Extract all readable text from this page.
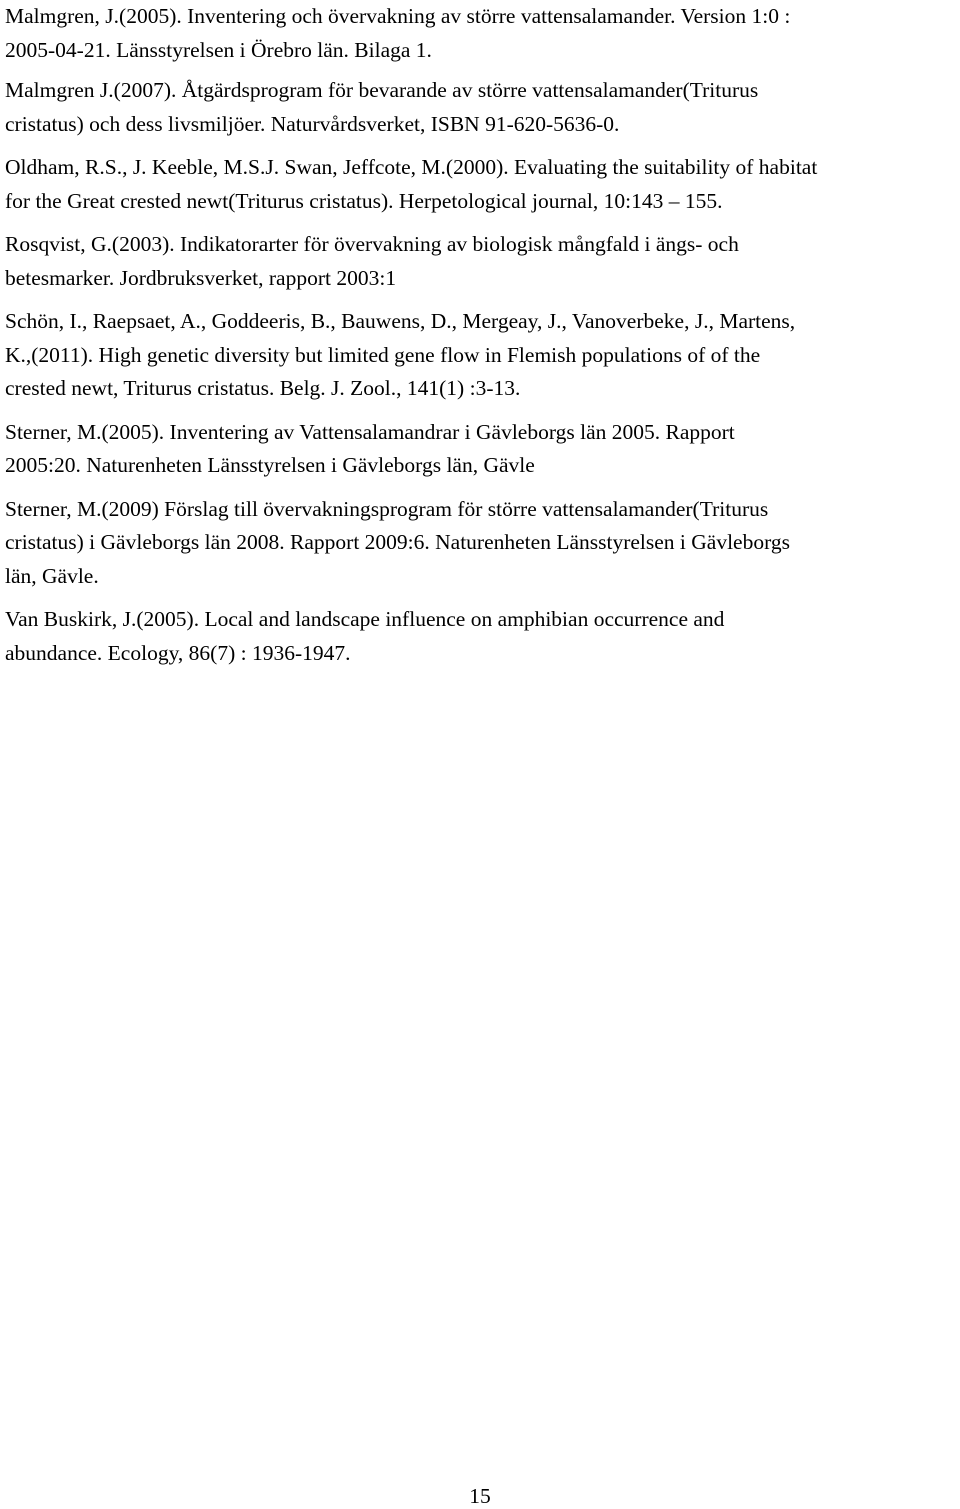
Malmgren, J.(2005). Inventering och övervakning av större vattensalamander. Version 1:0 :
2005-04-21. Länsstyrelsen i Örebro län. Bilaga 1.

Malmgren J.(2007). Åtgärdsprogram för bevarande av större vattensalamander(Triturus
cristatus) och dess livsmiljöer. Naturvårdsverket, ISBN 91-620-5636-0.

Oldham, R.S., J. Keeble, M.S.J. Swan, Jeffcote, M.(2000). Evaluating the suitability of habitat
for the Great crested newt(Triturus cristatus). Herpetological journal, 10:143 – 155.

Rosqvist, G.(2003). Indikatorarter för övervakning av biologisk mångfald i ängs- och
betesmarker. Jordbruksverket, rapport 2003:1

Schön, I., Raepsaet, A., Goddeeris, B., Bauwens, D., Mergeay, J., Vanoverbeke, J., Martens,
K.,(2011). High genetic diversity but limited gene flow in Flemish populations of of the
crested newt, Triturus cristatus. Belg. J. Zool., 141(1) :3-13.

Sterner, M.(2005). Inventering av Vattensalamandrar i Gävleborgs län 2005. Rapport
2005:20. Naturenheten Länsstyrelsen i Gävleborgs län, Gävle

Sterner, M.(2009) Förslag till övervakningsprogram för större vattensalamander(Triturus
cristatus) i Gävleborgs län 2008. Rapport 2009:6. Naturenheten Länsstyrelsen i Gävleborgs
län, Gävle.

Van Buskirk, J.(2005). Local and landscape influence on amphibian occurrence and
abundance. Ecology, 86(7) : 1936-1947.

15
